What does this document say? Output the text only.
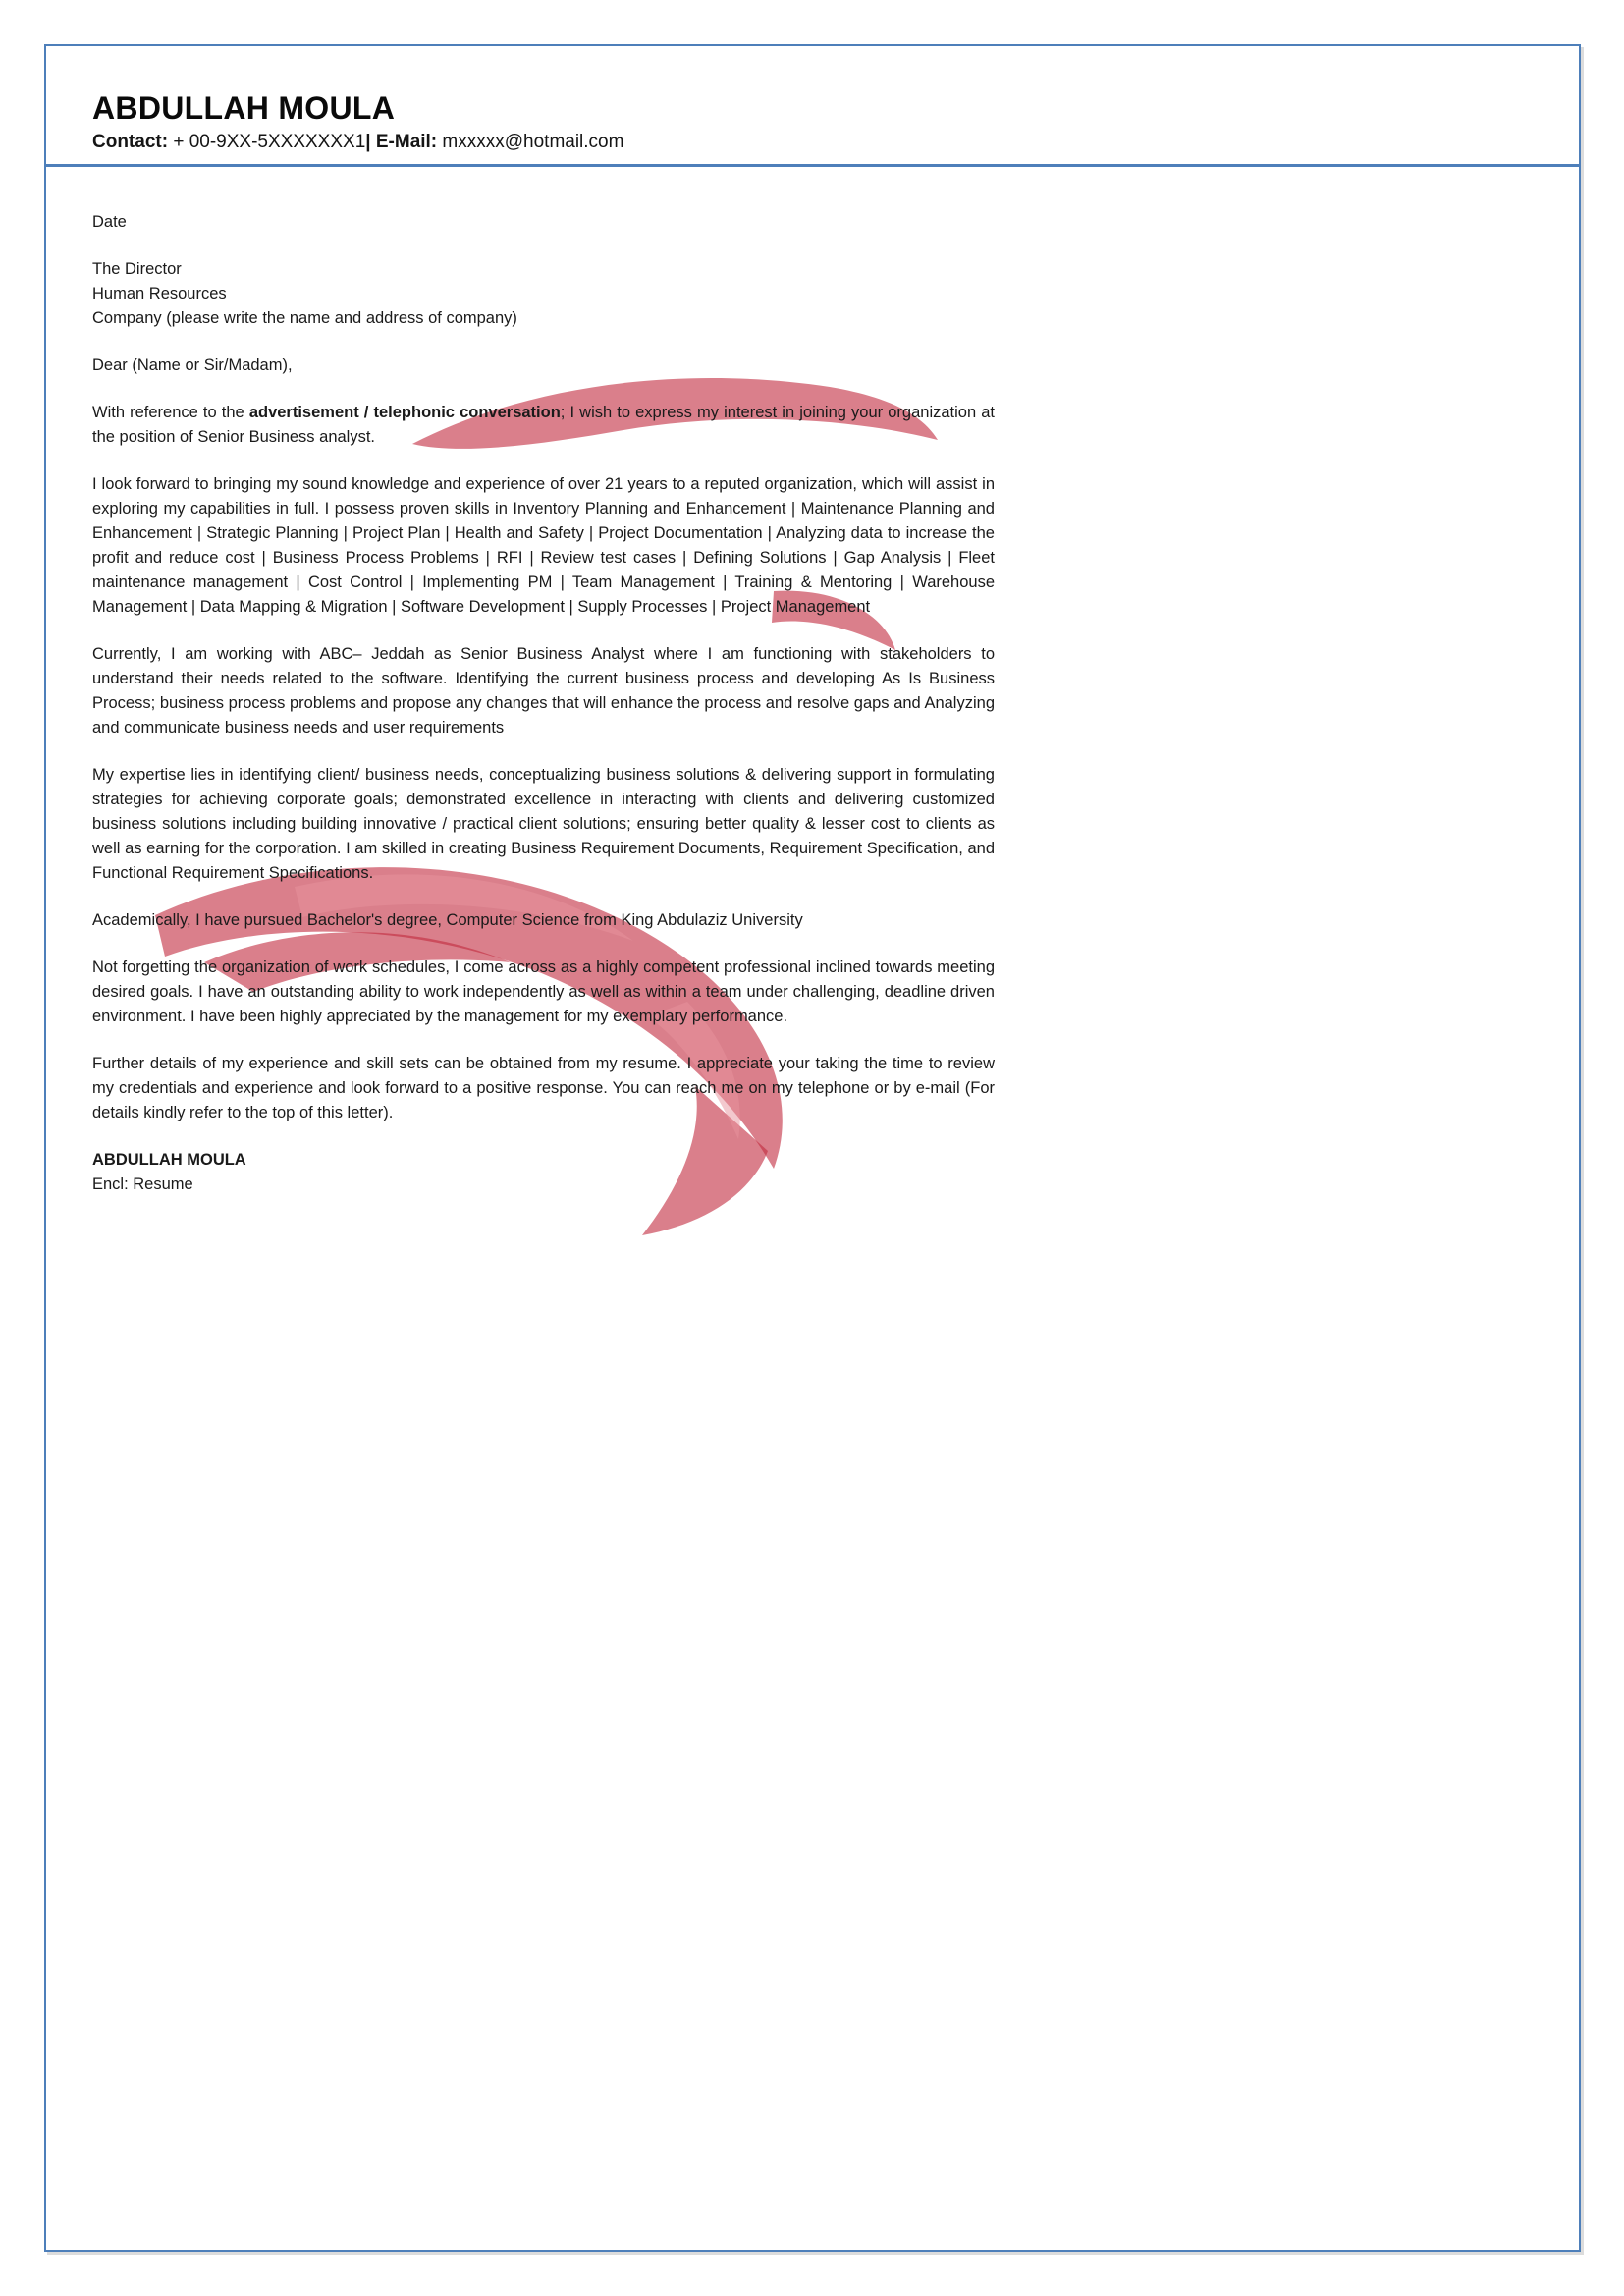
ABDULLAH MOULA

Contact: + 00-9XX-5XXXXXXX1| E-Mail: mxxxxx@hotmail.com

Date

The Director
Human Resources
Company (please write the name and address of company)

Dear (Name or Sir/Madam),

With reference to the advertisement / telephonic conversation; I wish to express my interest in joining your organization at the position of Senior Business analyst.

I look forward to bringing my sound knowledge and experience of over 21 years to a reputed organization, which will assist in exploring my capabilities in full. I possess proven skills in Inventory Planning and Enhancement | Maintenance Planning and Enhancement | Strategic Planning | Project Plan | Health and Safety | Project Documentation | Analyzing data to increase the profit and reduce cost | Business Process Problems | RFI | Review test cases | Defining Solutions | Gap Analysis | Fleet maintenance management | Cost Control | Implementing PM | Team Management | Training & Mentoring | Warehouse Management | Data Mapping & Migration | Software Development | Supply Processes | Project Management

Currently, I am working with ABC– Jeddah as Senior Business Analyst where I am functioning with stakeholders to understand their needs related to the software. Identifying the current business process and developing As Is Business Process; business process problems and propose any changes that will enhance the process and resolve gaps and Analyzing and communicate business needs and user requirements

My expertise lies in identifying client/ business needs, conceptualizing business solutions & delivering support in formulating strategies for achieving corporate goals; demonstrated excellence in interacting with clients and delivering customized business solutions including building innovative / practical client solutions; ensuring better quality & lesser cost to clients as well as earning for the corporation. I am skilled in creating Business Requirement Documents, Requirement Specification, and Functional Requirement Specifications.

Academically, I have pursued Bachelor's degree, Computer Science from King Abdulaziz University

Not forgetting the organization of work schedules, I come across as a highly competent professional inclined towards meeting desired goals. I have an outstanding ability to work independently as well as within a team under challenging, deadline driven environment. I have been highly appreciated by the management for my exemplary performance.

Further details of my experience and skill sets can be obtained from my resume. I appreciate your taking the time to review my credentials and experience and look forward to a positive response. You can reach me on my telephone or by e-mail (For details kindly refer to the top of this letter).

ABDULLAH MOULA
Encl: Resume
